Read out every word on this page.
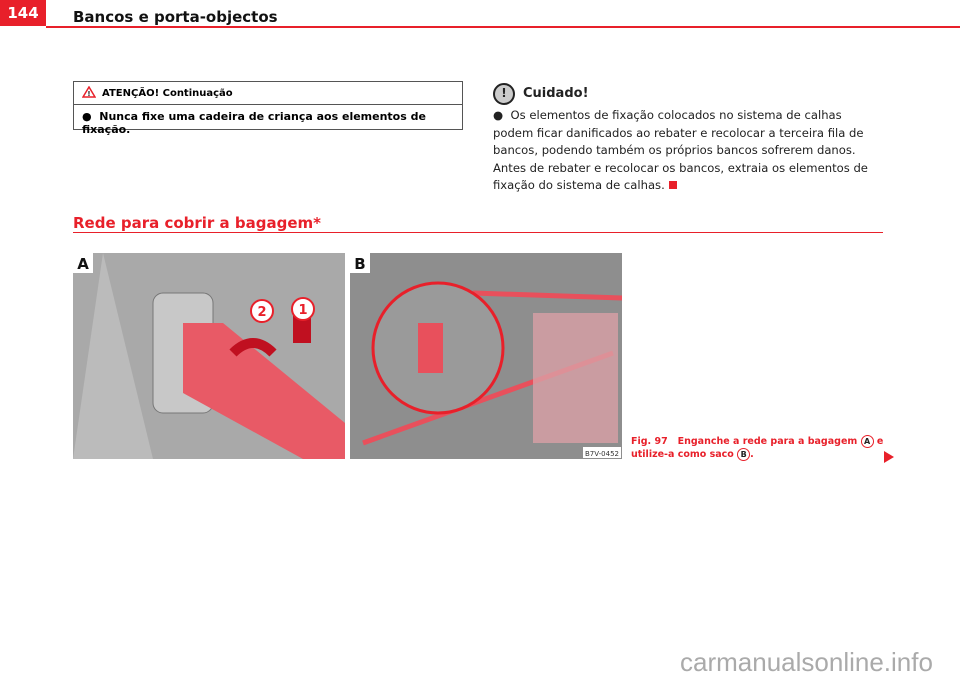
144	Bancos e porta-objectos
! ATENÇÃO! Continuação
●  Nunca fixe uma cadeira de criança aos elementos de fixação.
!	Cuidado!
●  Os elementos de fixação colocados no sistema de calhas podem ficar danificados ao rebater e recolocar a terceira fila de bancos, podendo também os próprios bancos sofrerem danos. Antes de rebater e recolocar os bancos, extraia os elementos de fixação do sistema de calhas.
Rede para cobrir a bagagem*
2 1
A	B
B7V-0452
Fig. 97 Enganche a rede para a bagagem A e utilize-a como saco B .
carmanualsonline.info
